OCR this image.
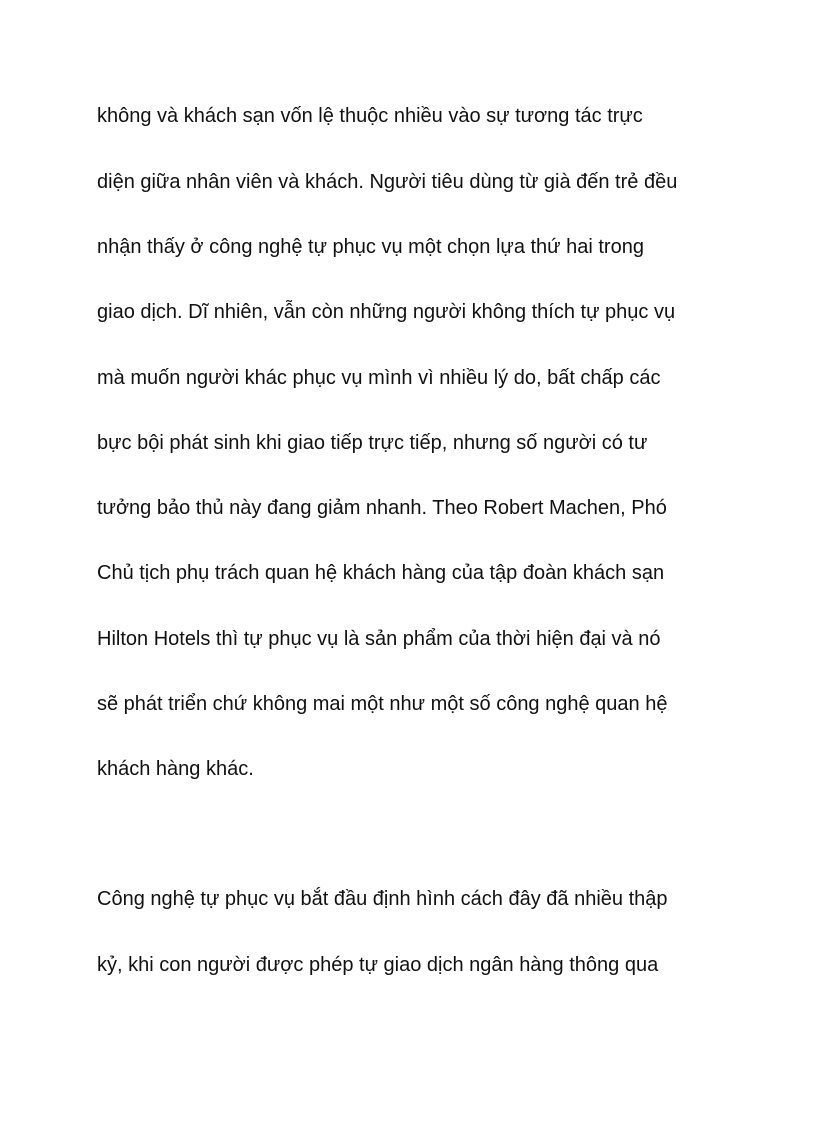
không và khách sạn vốn lệ thuộc nhiều vào sự tương tác trực

diện giữa nhân viên và khách. Người tiêu dùng từ già đến trẻ đều

nhận thấy ở công nghệ tự phục vụ một chọn lựa thứ hai trong

giao dịch. Dĩ nhiên, vẫn còn những người không thích tự phục vụ

mà muốn người khác phục vụ mình vì nhiều lý do, bất chấp các

bực bội phát sinh khi giao tiếp trực tiếp, nhưng số người có tư

tưởng bảo thủ này đang giảm nhanh. Theo Robert Machen, Phó

Chủ tịch phụ trách quan hệ khách hàng của tập đoàn khách sạn

Hilton Hotels thì tự phục vụ là sản phẩm của thời hiện đại và nó

sẽ phát triển chứ không mai một như một số công nghệ quan hệ

khách hàng khác.

Công nghệ tự phục vụ bắt đầu định hình cách đây đã nhiều thập

kỷ, khi con người được phép tự giao dịch ngân hàng thông qua
